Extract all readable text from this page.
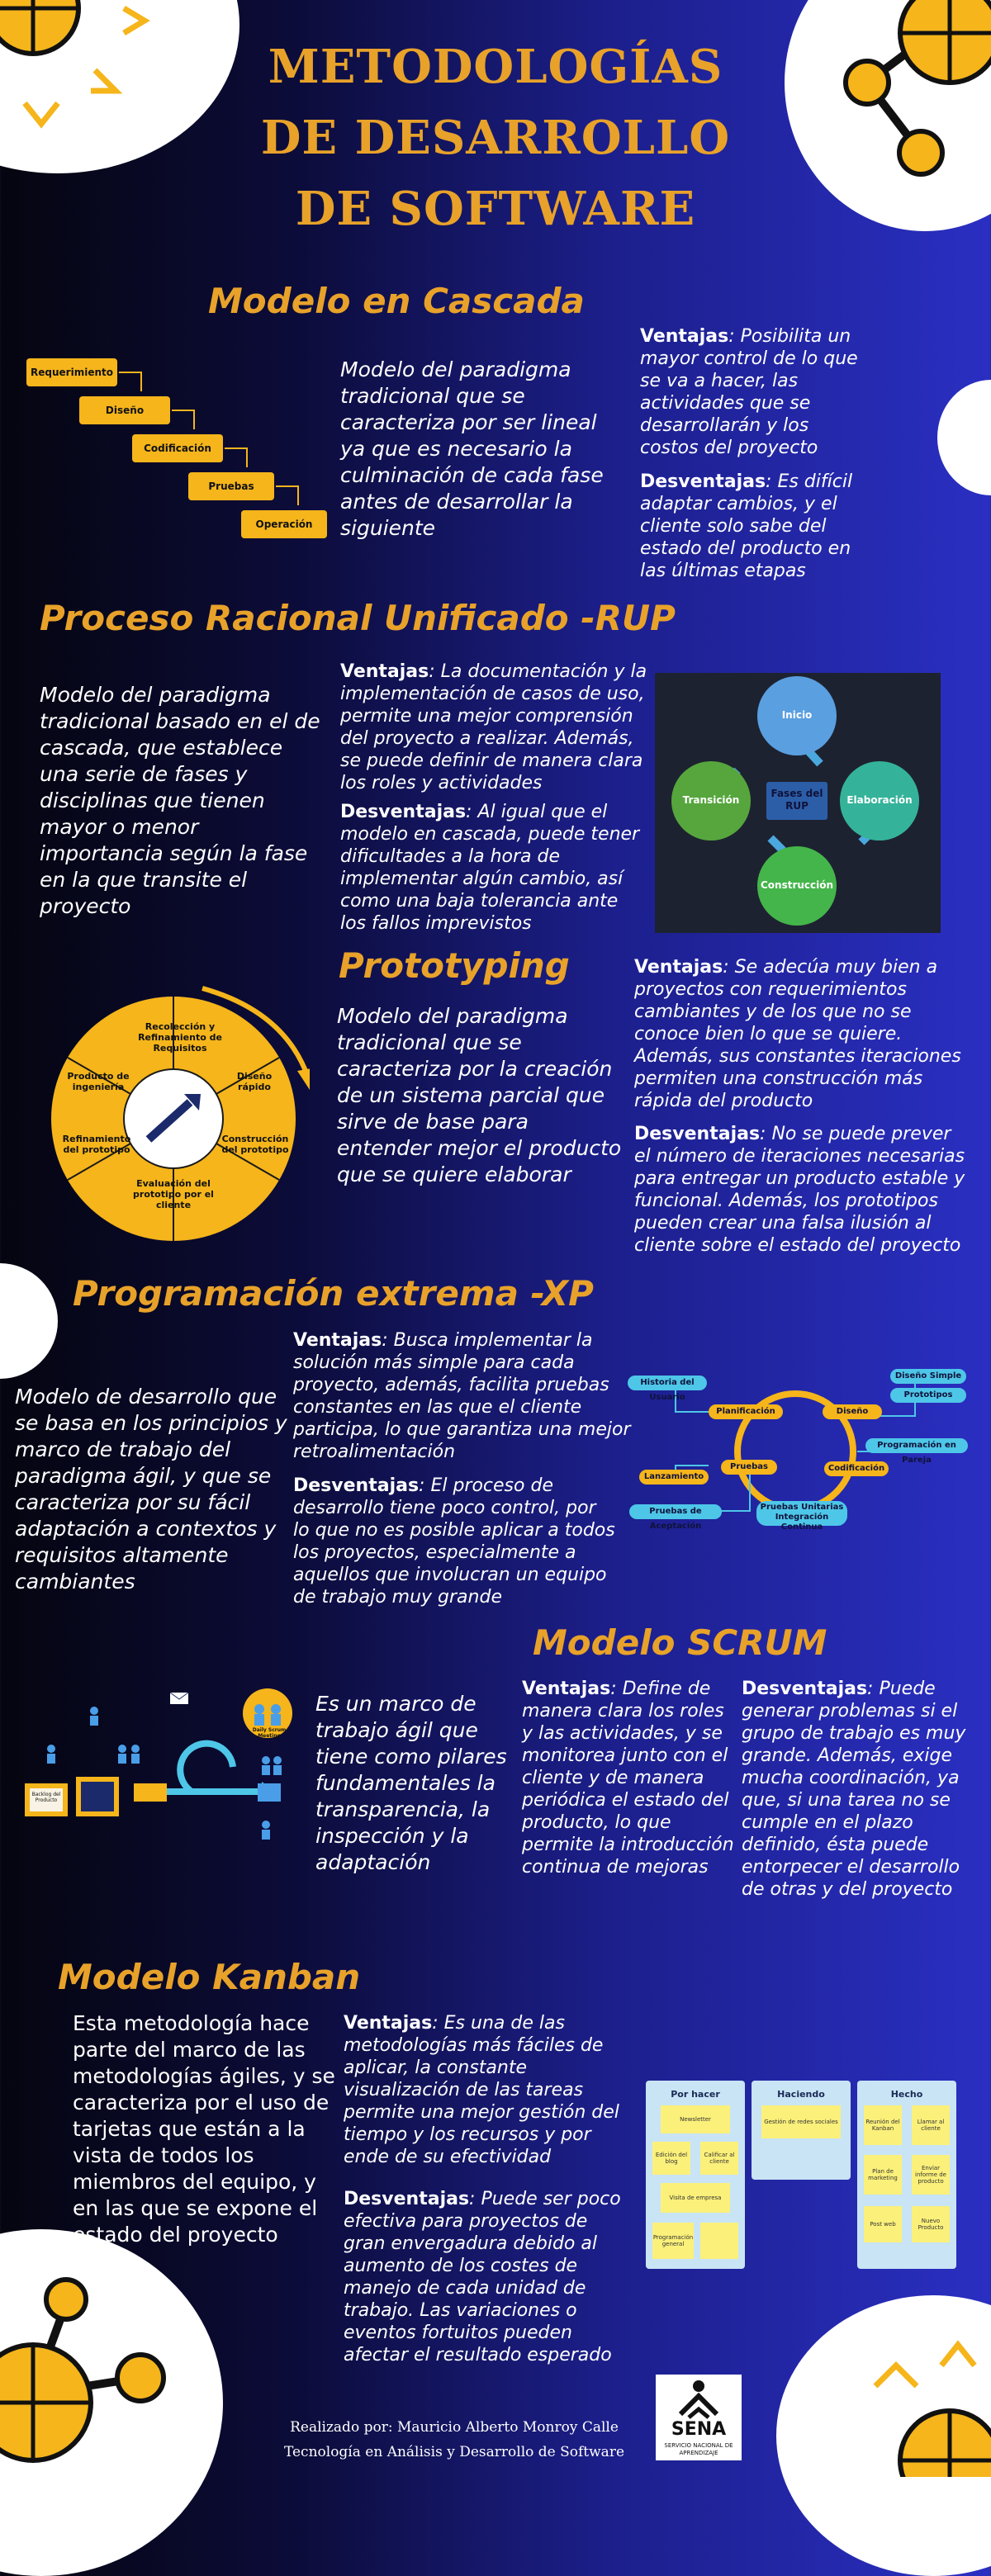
METODOLOGÍAS
DE DESARROLLO
DE SOFTWARE
Modelo en Cascada
Requerimiento
Diseño
Codificación
Pruebas
Operación
Modelo del paradigma tradicional que se caracteriza por ser lineal ya que es necesario la culminación de cada fase antes de desarrollar la siguiente
Ventajas: Posibilita un mayor control de lo que se va a hacer, las actividades que se desarrollarán y los costos del proyecto
Desventajas: Es difícil adaptar cambios, y el cliente solo sabe del estado del producto en las últimas etapas
Proceso Racional Unificado -RUP
Modelo del paradigma tradicional basado en el de cascada, que establece una serie de fases y disciplinas que tienen mayor o menor importancia según la fase en la que transite el proyecto
Ventajas: La documentación y la implementación de casos de uso, permite una mejor comprensión del proyecto a realizar. Además, se puede definir de manera clara los roles y actividades
Desventajas: Al igual que el modelo en cascada, puede tener dificultades a la hora de implementar algún cambio, así como una baja tolerancia ante los fallos imprevistos
Inicio
Elaboración
Construcción
Transición
Fases del RUP
Prototyping
Recolección y Refinamiento de Requisitos
Diseño rápido
Construcción del prototipo
Evaluación del prototipo por el cliente
Refinamiento del prototipo
Producto de ingeniería
Modelo del paradigma tradicional que se caracteriza por la creación de un sistema parcial que sirve de base para entender mejor el producto que se quiere elaborar
Ventajas: Se adecúa muy bien a proyectos con requerimientos cambiantes y de los que no se conoce bien lo que se quiere. Además, sus constantes iteraciones permiten una construcción más rápida del producto
Desventajas: No se puede prever el número de iteraciones necesarias para entregar un producto estable y funcional. Además, los prototipos pueden crear una falsa ilusión al cliente sobre el estado del proyecto
Programación extrema -XP
Modelo de desarrollo que se basa en los principios y marco de trabajo del paradigma ágil, y que se caracteriza por su fácil adaptación a contextos y requisitos altamente cambiantes
Ventajas: Busca implementar la solución más simple para cada proyecto, además, facilita pruebas constantes en las que el cliente participa, lo que garantiza una mejor retroalimentación
Desventajas: El proceso de desarrollo tiene poco control, por lo que no es posible aplicar a todos los proyectos, especialmente a aquellos que involucran un equipo de trabajo muy grande
Historia del Usuario
Planificación	Diseño
Diseño Simple
Prototipos
Programación en Pareja
Codificación
Pruebas
Lanzamiento
Pruebas de Aceptación
Pruebas Unitarias Integración Continua
Modelo SCRUM
Daily Scrum Meeting
Backlog del Producto
Es un marco de trabajo ágil que tiene como pilares fundamentales la transparencia, la inspección y la adaptación
Ventajas: Define de manera clara los roles y las actividades, y se monitorea junto con el cliente y de manera periódica el estado del producto, lo que permite la introducción continua de mejoras
Desventajas: Puede generar problemas si el grupo de trabajo es muy grande. Además, exige mucha coordinación, ya que, si una tarea no se cumple en el plazo definido, ésta puede entorpecer el desarrollo de otras y del proyecto
Modelo Kanban
Esta metodología hace parte del marco de las metodologías ágiles, y se caracteriza por el uso de tarjetas que están a la vista de todos los miembros del equipo, y en las que se expone el estado del proyecto
Ventajas: Es una de las metodologías más fáciles de aplicar, la constante visualización de las tareas permite una mejor gestión del tiempo y los recursos y por ende de su efectividad
Desventajas: Puede ser poco efectiva para proyectos de gran envergadura debido al aumento de los costes de manejo de cada unidad de trabajo. Las variaciones o eventos fortuitos pueden afectar el resultado esperado
Por hacer
Newsletter
Edición del blog
Calificar al cliente
Visita de empresa
Programación general
Haciendo
Gestión de redes sociales
Hecho
Reunión del Kanban
Llamar al cliente
Plan de marketing
Enviar informe de producto
Post web	Nuevo Producto
Realizado por: Mauricio Alberto Monroy Calle
Tecnología en Análisis y Desarrollo de Software
SENA
SERVICIO NACIONAL DE APRENDIZAJE
